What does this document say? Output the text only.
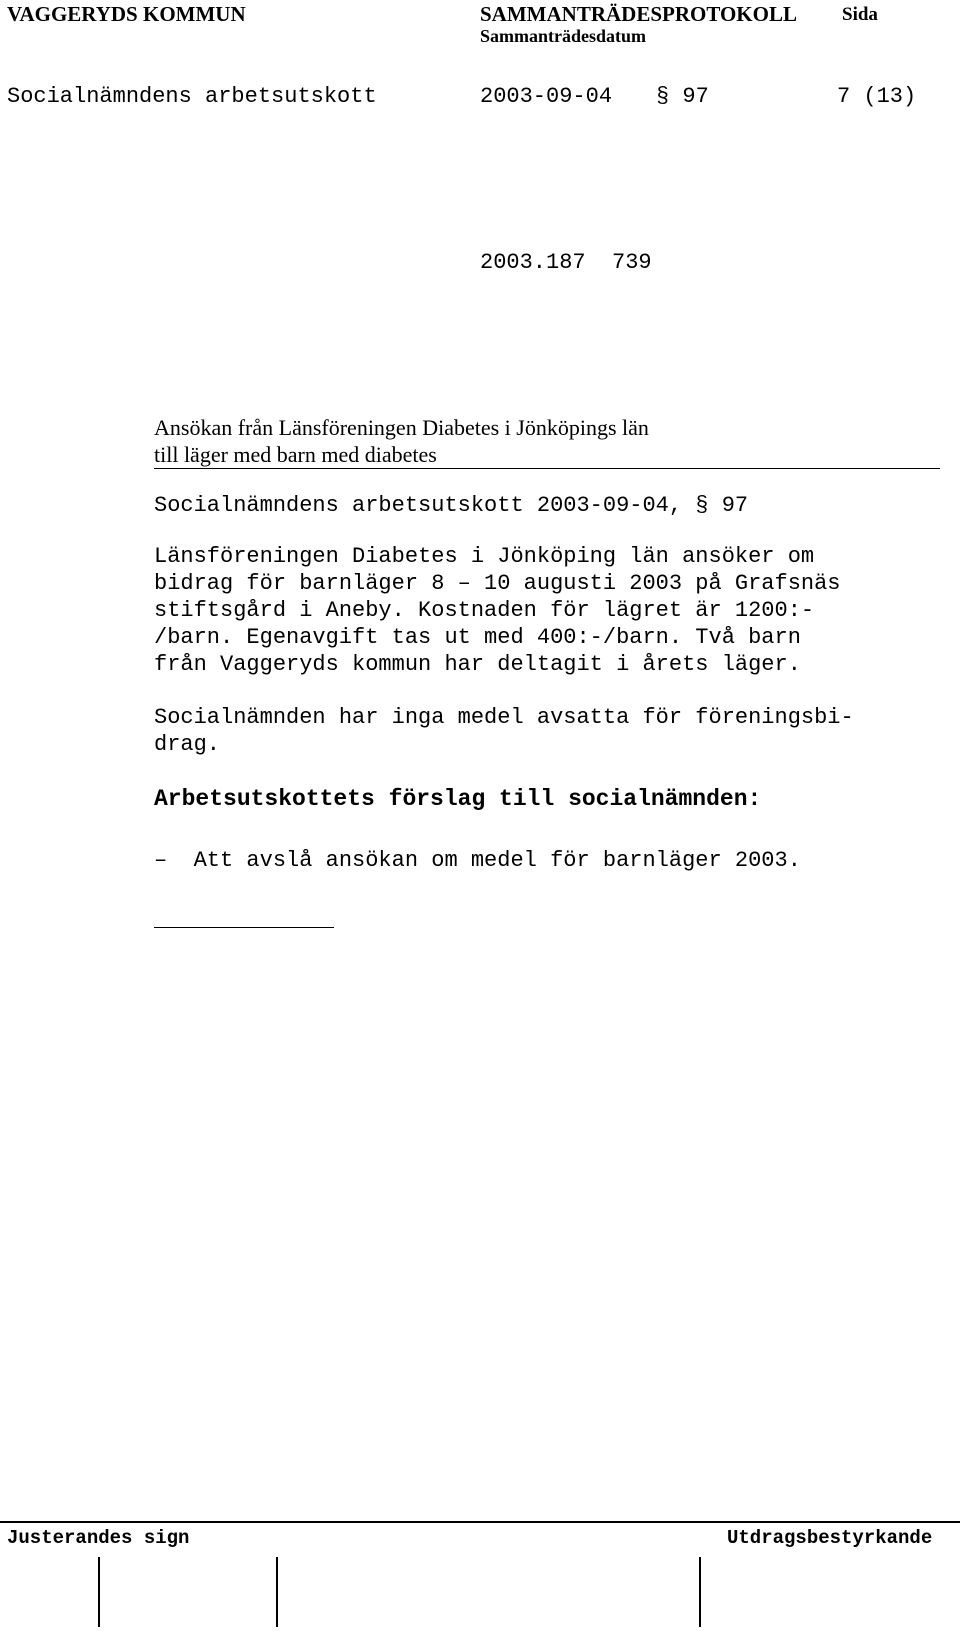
VAGGERYDS KOMMUN	SAMMANTRÄDESPROTOKOLL Sida
Sammanträdesdatum
Socialnämndens arbetsutskott	2003-09-04 § 97	7 (13)
2003.187  739
Ansökan från Länsföreningen Diabetes i Jönköpings län
till läger med barn med diabetes
Socialnämndens arbetsutskott 2003-09-04, § 97
Länsföreningen Diabetes i Jönköping län ansöker om
bidrag för barnläger 8 – 10 augusti 2003 på Grafsnäs
stiftsgård i Aneby. Kostnaden för lägret är 1200:-
/barn. Egenavgift tas ut med 400:-/barn. Två barn
från Vaggeryds kommun har deltagit i årets läger.
Socialnämnden har inga medel avsatta för föreningsbi-
drag.
Arbetsutskottets förslag till socialnämnden:
–  Att avslå ansökan om medel för barnläger 2003.
Justerandes sign	Utdragsbestyrkande
